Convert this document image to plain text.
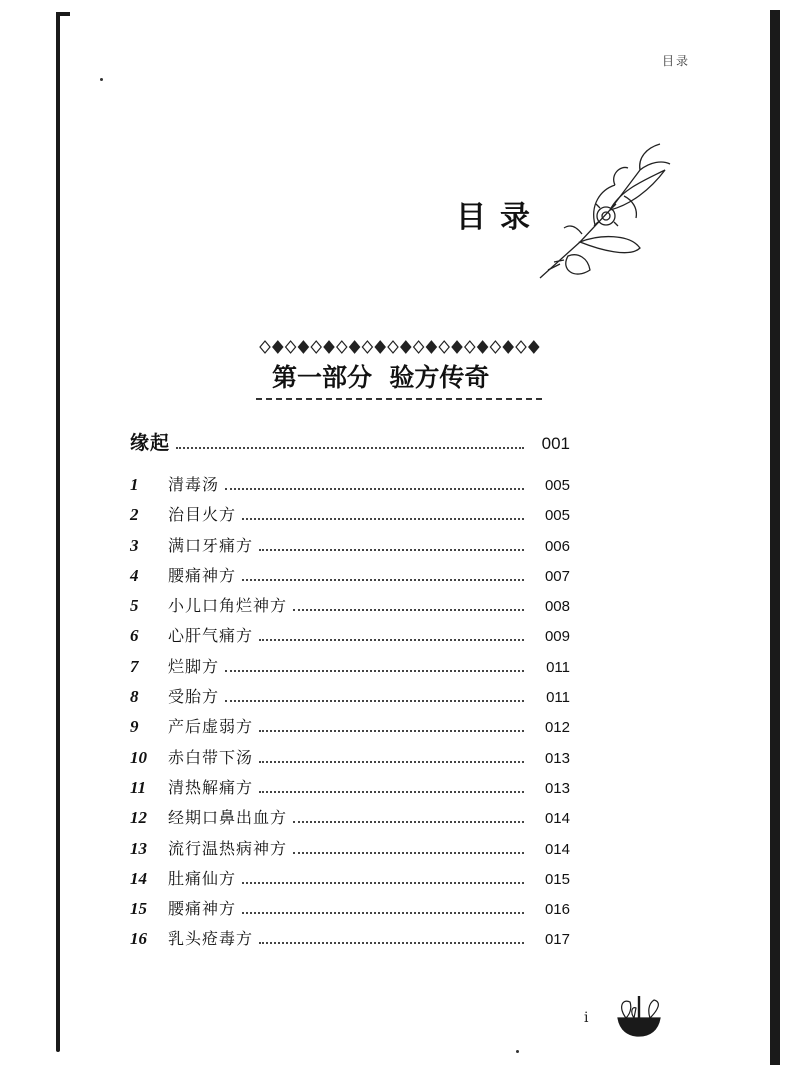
目录
目录
第一部分  验方传奇
缘起	001
1	清毒汤	005
2	治目火方	005
3	满口牙痛方	006
4	腰痛神方	007
5	小儿口角烂神方	008
6	心肝气痛方	009
7	烂脚方	011
8	受胎方	011
9	产后虚弱方	012
10	赤白带下汤	013
11	清热解痛方	013
12	经期口鼻出血方	014
13	流行温热病神方	014
14	肚痛仙方	015
15	腰痛神方	016
16	乳头疮毒方	017
i
